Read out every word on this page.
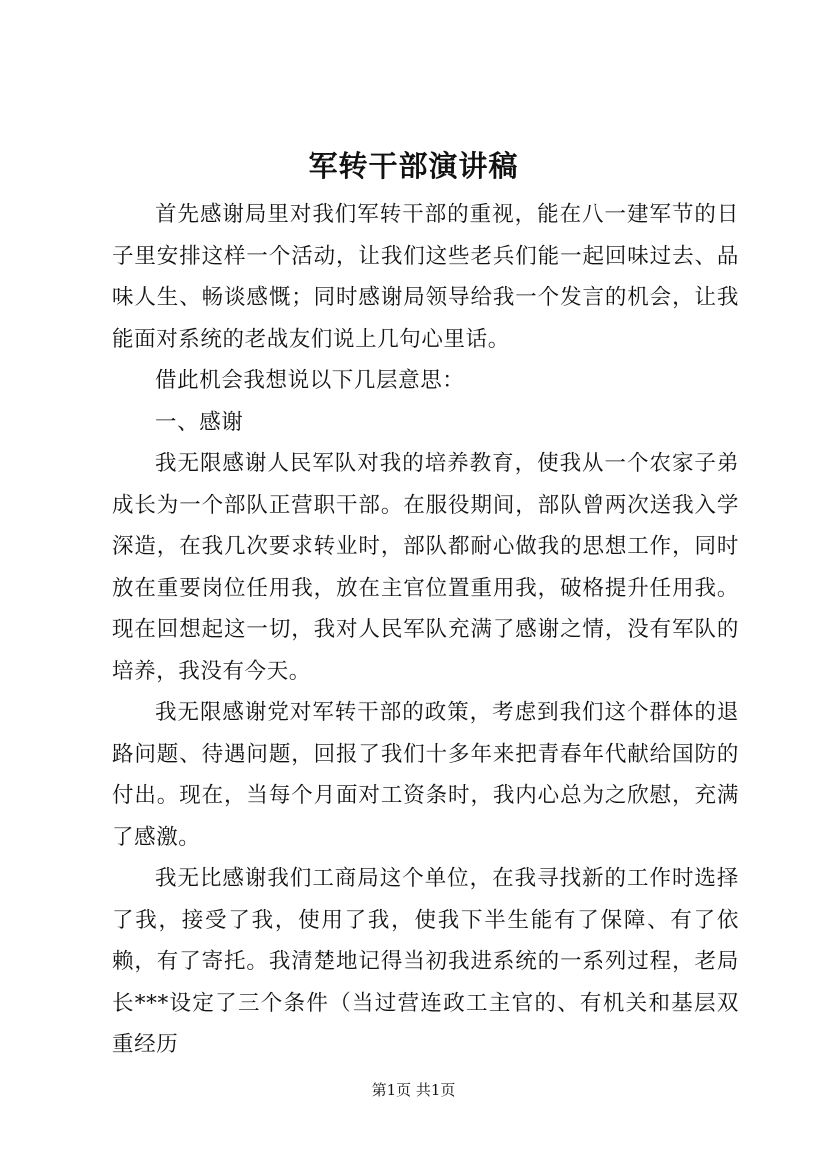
军转干部演讲稿

首先感谢局里对我们军转干部的重视，能在八一建军节的日子里安排这样一个活动，让我们这些老兵们能一起回味过去、品味人生、畅谈感慨；同时感谢局领导给我一个发言的机会，让我能面对系统的老战友们说上几句心里话。

借此机会我想说以下几层意思：

一、感谢

我无限感谢人民军队对我的培养教育，使我从一个农家子弟成长为一个部队正营职干部。在服役期间，部队曾两次送我入学深造，在我几次要求转业时，部队都耐心做我的思想工作，同时放在重要岗位任用我，放在主官位置重用我，破格提升任用我。现在回想起这一切，我对人民军队充满了感谢之情，没有军队的培养，我没有今天。

我无限感谢党对军转干部的政策，考虑到我们这个群体的退路问题、待遇问题，回报了我们十多年来把青春年代献给国防的付出。现在，当每个月面对工资条时，我内心总为之欣慰，充满了感激。

我无比感谢我们工商局这个单位，在我寻找新的工作时选择了我，接受了我，使用了我，使我下半生能有了保障、有了依赖，有了寄托。我清楚地记得当初我进系统的一系列过程，老局长***设定了三个条件（当过营连政工主官的、有机关和基层双重经历

第1页 共1页
